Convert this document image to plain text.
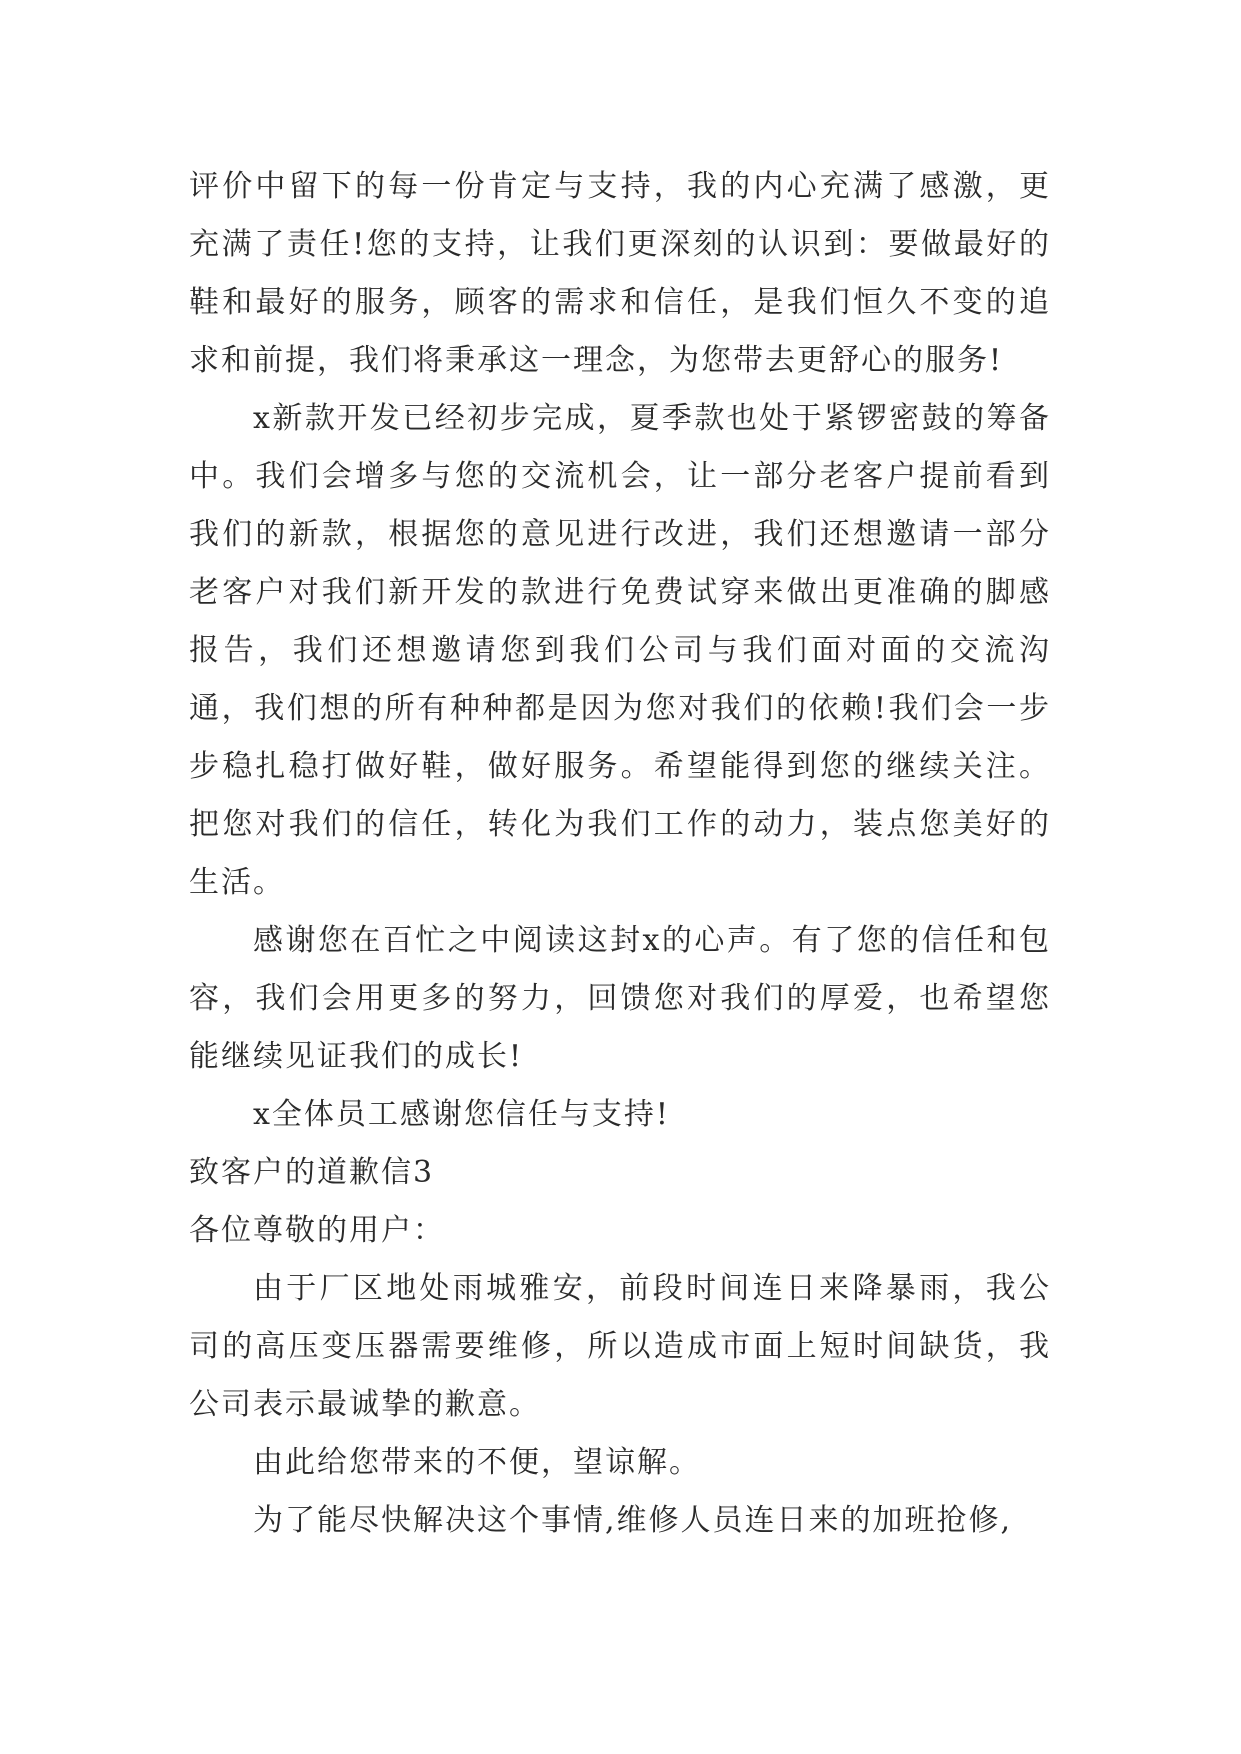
评价中留下的每一份肯定与支持，我的内心充满了感激，更充满了责任!您的支持，让我们更深刻的认识到：要做最好的鞋和最好的服务，顾客的需求和信任，是我们恒久不变的追求和前提，我们将秉承这一理念，为您带去更舒心的服务!

x新款开发已经初步完成，夏季款也处于紧锣密鼓的筹备中。我们会增多与您的交流机会，让一部分老客户提前看到我们的新款，根据您的意见进行改进，我们还想邀请一部分老客户对我们新开发的款进行免费试穿来做出更准确的脚感报告，我们还想邀请您到我们公司与我们面对面的交流沟通，我们想的所有种种都是因为您对我们的依赖!我们会一步步稳扎稳打做好鞋，做好服务。希望能得到您的继续关注。把您对我们的信任，转化为我们工作的动力，装点您美好的生活。

感谢您在百忙之中阅读这封x的心声。有了您的信任和包容，我们会用更多的努力，回馈您对我们的厚爱，也希望您能继续见证我们的成长!

x全体员工感谢您信任与支持!

致客户的道歉信3

各位尊敬的用户：

由于厂区地处雨城雅安，前段时间连日来降暴雨，我公司的高压变压器需要维修，所以造成市面上短时间缺货，我公司表示最诚挚的歉意。

由此给您带来的不便，望谅解。

为了能尽快解决这个事情,维修人员连日来的加班抢修,
